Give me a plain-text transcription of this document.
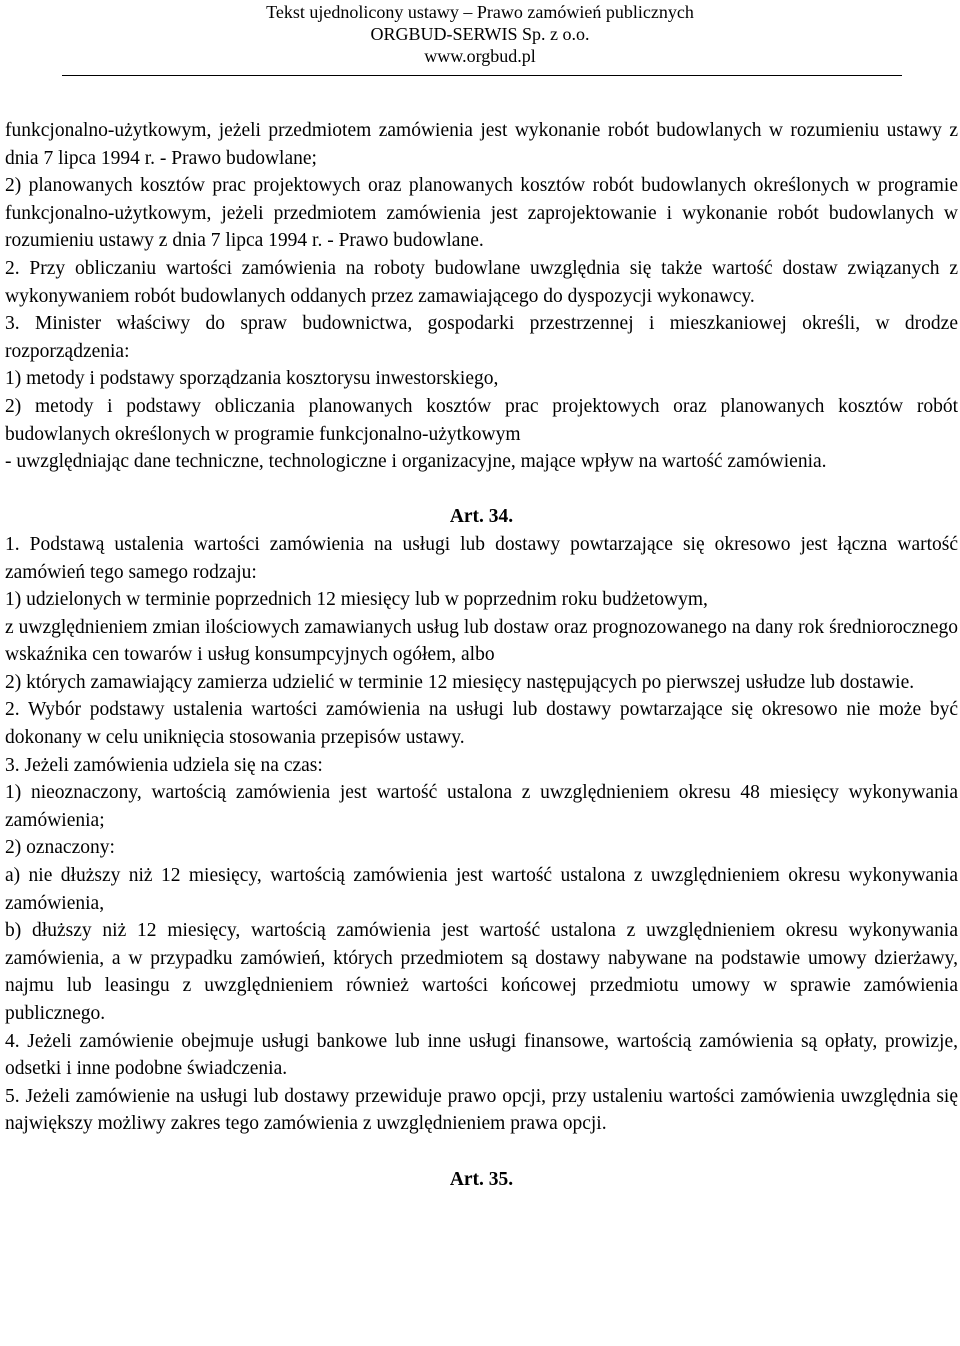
Tekst ujednolicony ustawy – Prawo zamówień publicznych
ORGBUD-SERWIS Sp. z o.o.
www.orgbud.pl

funkcjonalno-użytkowym, jeżeli przedmiotem zamówienia jest wykonanie robót budowlanych w rozumieniu ustawy z dnia 7 lipca 1994 r. - Prawo budowlane;

2) planowanych kosztów prac projektowych oraz planowanych kosztów robót budowlanych określonych w programie funkcjonalno-użytkowym, jeżeli przedmiotem zamówienia jest zaprojektowanie i wykonanie robót budowlanych w rozumieniu ustawy z dnia 7 lipca 1994 r. - Prawo budowlane.

2. Przy obliczaniu wartości zamówienia na roboty budowlane uwzględnia się także wartość dostaw związanych z wykonywaniem robót budowlanych oddanych przez zamawiającego do dyspozycji wykonawcy.

3. Minister właściwy do spraw budownictwa, gospodarki przestrzennej i mieszkaniowej określi, w drodze rozporządzenia:

1) metody i podstawy sporządzania kosztorysu inwestorskiego,

2) metody i podstawy obliczania planowanych kosztów prac projektowych oraz planowanych kosztów robót budowlanych określonych w programie funkcjonalno-użytkowym

- uwzględniając dane techniczne, technologiczne i organizacyjne, mające wpływ na wartość zamówienia.

Art. 34.

1. Podstawą ustalenia wartości zamówienia na usługi lub dostawy powtarzające się okresowo jest łączna wartość zamówień tego samego rodzaju:

1) udzielonych w terminie poprzednich 12 miesięcy lub w poprzednim roku budżetowym,

z uwzględnieniem zmian ilościowych zamawianych usług lub dostaw oraz prognozowanego na dany rok średniorocznego wskaźnika cen towarów i usług konsumpcyjnych ogółem, albo

2) których zamawiający zamierza udzielić w terminie 12 miesięcy następujących po pierwszej usłudze lub dostawie.

2. Wybór podstawy ustalenia wartości zamówienia na usługi lub dostawy powtarzające się okresowo nie może być dokonany w celu uniknięcia stosowania przepisów ustawy.

3. Jeżeli zamówienia udziela się na czas:

1) nieoznaczony, wartością zamówienia jest wartość ustalona z uwzględnieniem okresu 48 miesięcy wykonywania zamówienia;

2) oznaczony:

a) nie dłuższy niż 12 miesięcy, wartością zamówienia jest wartość ustalona z uwzględnieniem okresu wykonywania zamówienia,

b) dłuższy niż 12 miesięcy, wartością zamówienia jest wartość ustalona z uwzględnieniem okresu wykonywania zamówienia, a w przypadku zamówień, których przedmiotem są dostawy nabywane na podstawie umowy dzierżawy, najmu lub leasingu z uwzględnieniem również wartości końcowej przedmiotu umowy w sprawie zamówienia publicznego.

4. Jeżeli zamówienie obejmuje usługi bankowe lub inne usługi finansowe, wartością zamówienia są opłaty, prowizje, odsetki i inne podobne świadczenia.

5. Jeżeli zamówienie na usługi lub dostawy przewiduje prawo opcji, przy ustaleniu wartości zamówienia uwzględnia się największy możliwy zakres tego zamówienia z uwzględnieniem prawa opcji.

Art. 35.
